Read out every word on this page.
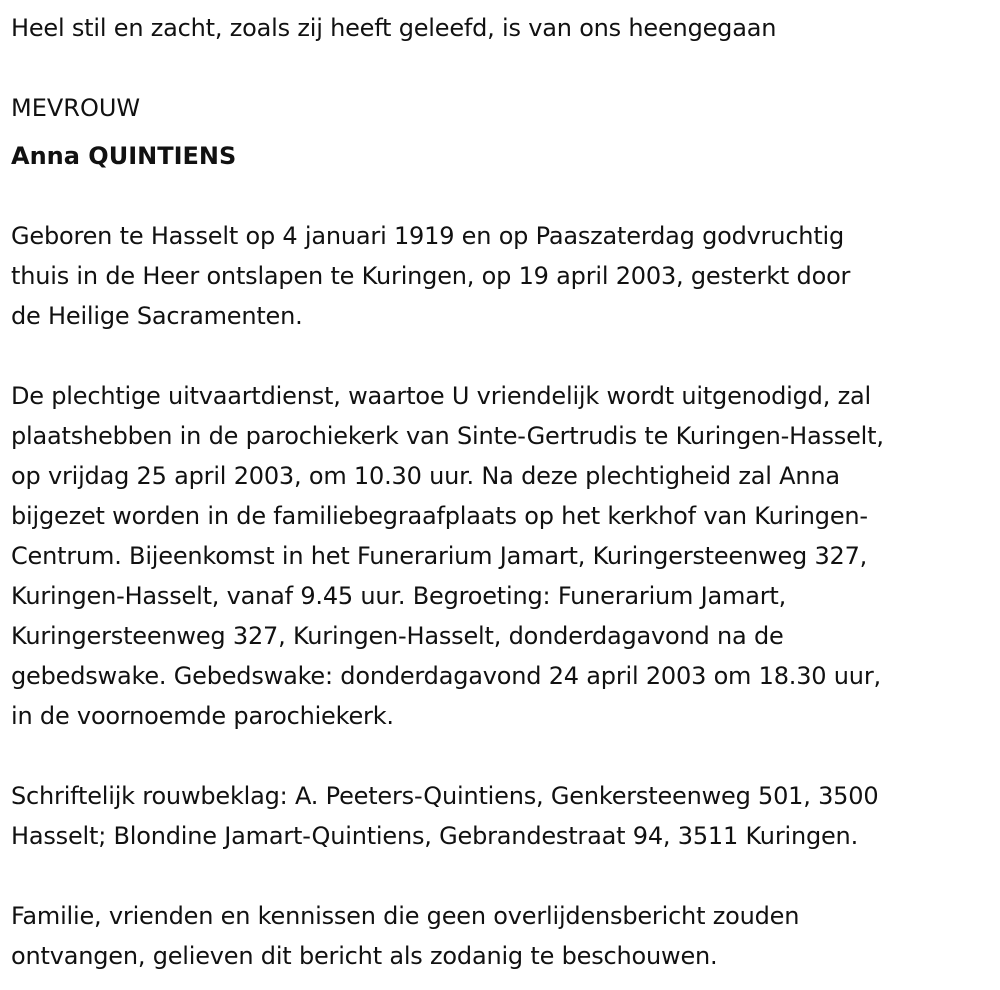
Heel stil en zacht, zoals zij heeft geleefd, is van ons heengegaan
MEVROUW
Anna QUINTIENS
Geboren te Hasselt op 4 januari 1919 en op Paaszaterdag godvruchtig
thuis in de Heer ontslapen te Kuringen, op 19 april 2003, gesterkt door
de Heilige Sacramenten.
De plechtige uitvaartdienst, waartoe U vriendelijk wordt uitgenodigd, zal
plaatshebben in de parochiekerk van Sinte-Gertrudis te Kuringen-Hasselt,
op vrijdag 25 april 2003, om 10.30 uur. Na deze plechtigheid zal Anna
bijgezet worden in de familiebegraafplaats op het kerkhof van Kuringen-
Centrum. Bijeenkomst in het Funerarium Jamart, Kuringersteenweg 327,
Kuringen-Hasselt, vanaf 9.45 uur. Begroeting: Funerarium Jamart,
Kuringersteenweg 327, Kuringen-Hasselt, donderdagavond na de
gebedswake. Gebedswake: donderdagavond 24 april 2003 om 18.30 uur,
in de voornoemde parochiekerk.
Schriftelijk rouwbeklag: A. Peeters-Quintiens, Genkersteenweg 501, 3500
Hasselt; Blondine Jamart-Quintiens, Gebrandestraat 94, 3511 Kuringen.
Familie, vrienden en kennissen die geen overlijdensbericht zouden
ontvangen, gelieven dit bericht als zodanig te beschouwen.
